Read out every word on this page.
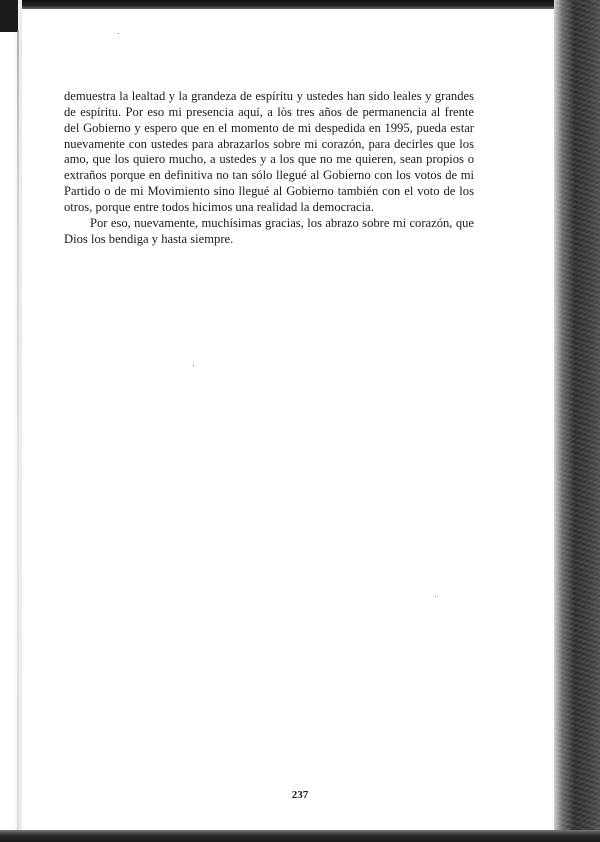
demuestra la lealtad y la grandeza de espíritu y ustedes han sido leales y grandes de espíritu. Por eso mi presencia aquí, a lòs tres años de permanencia al frente del Gobierno y espero que en el momento de mi despedida en 1995, pueda estar nuevamente con ustedes para abrazarlos sobre mi corazón, para decirles que los amo, que los quiero mucho, a ustedes y a los que no me quieren, sean propios o extraños porque en definitiva no tan sólo llegué al Gobierno con los votos de mi Partido o de mi Movimiento sino llegué al Gobierno también con el voto de los otros, porque entre todos hicimos una realidad la democracia.

Por eso, nuevamente, muchísimas gracias, los abrazo sobre mi corazón, que Dios los bendiga y hasta siempre.

237
